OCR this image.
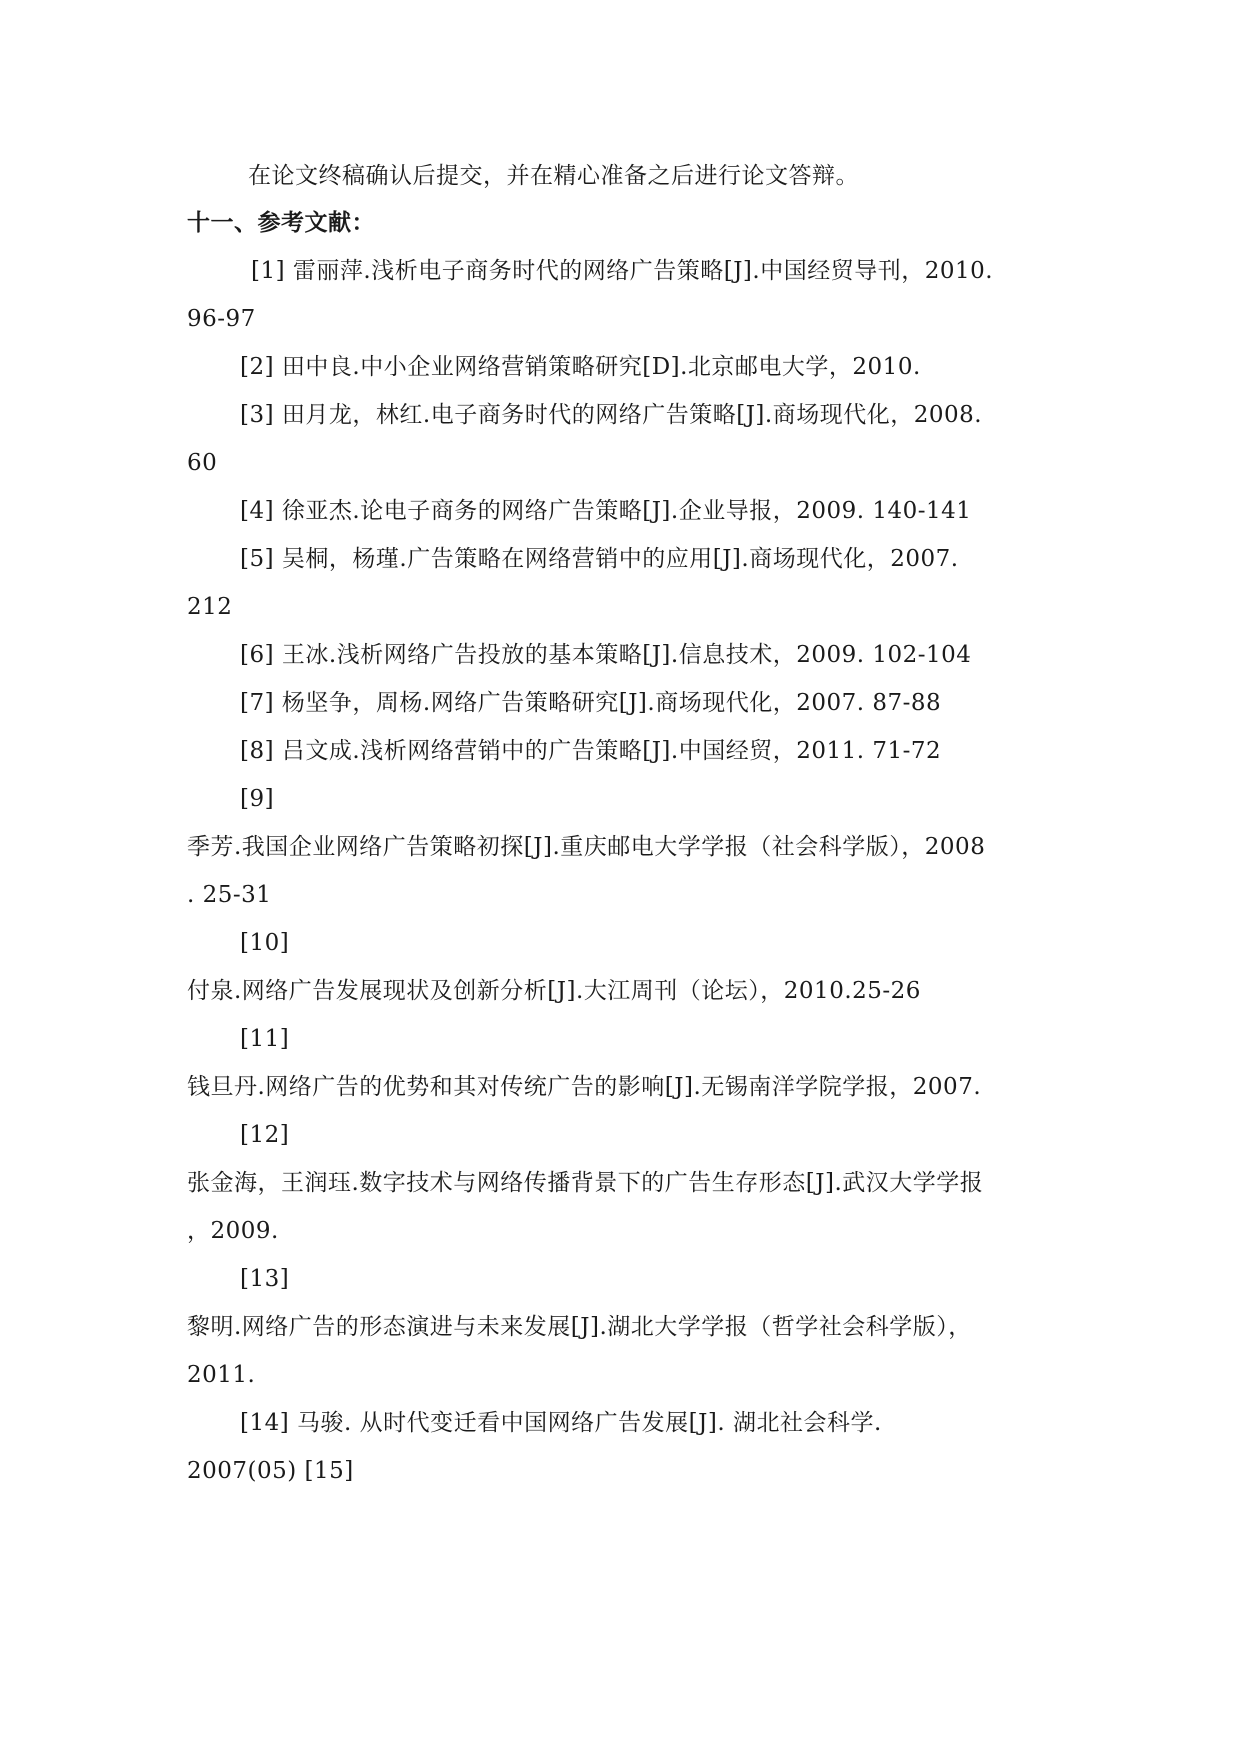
在论文终稿确认后提交，并在精心准备之后进行论文答辩。
十一、参考文献：
[1] 雷丽萍.浅析电子商务时代的网络广告策略[J].中国经贸导刊，2010.
96-97
[2] 田中良.中小企业网络营销策略研究[D].北京邮电大学，2010.
[3] 田月龙，林红.电子商务时代的网络广告策略[J].商场现代化，2008.
60
[4] 徐亚杰.论电子商务的网络广告策略[J].企业导报，2009. 140-141
[5] 吴桐，杨瑾.广告策略在网络营销中的应用[J].商场现代化，2007.
212
[6] 王冰.浅析网络广告投放的基本策略[J].信息技术，2009. 102-104
[7] 杨坚争，周杨.网络广告策略研究[J].商场现代化，2007. 87-88
[8] 吕文成.浅析网络营销中的广告策略[J].中国经贸，2011. 71-72
[9]
季芳.我国企业网络广告策略初探[J].重庆邮电大学学报（社会科学版），2008
. 25-31
[10]
付泉.网络广告发展现状及创新分析[J].大江周刊（论坛），2010.25-26
[11]
钱旦丹.网络广告的优势和其对传统广告的影响[J].无锡南洋学院学报，2007.
[12]
张金海，王润珏.数字技术与网络传播背景下的广告生存形态[J].武汉大学学报
，2009.
[13]
黎明.网络广告的形态演进与未来发展[J].湖北大学学报（哲学社会科学版），
2011.
[14] 马骏. 从时代变迁看中国网络广告发展[J]. 湖北社会科学.
2007(05) [15]
